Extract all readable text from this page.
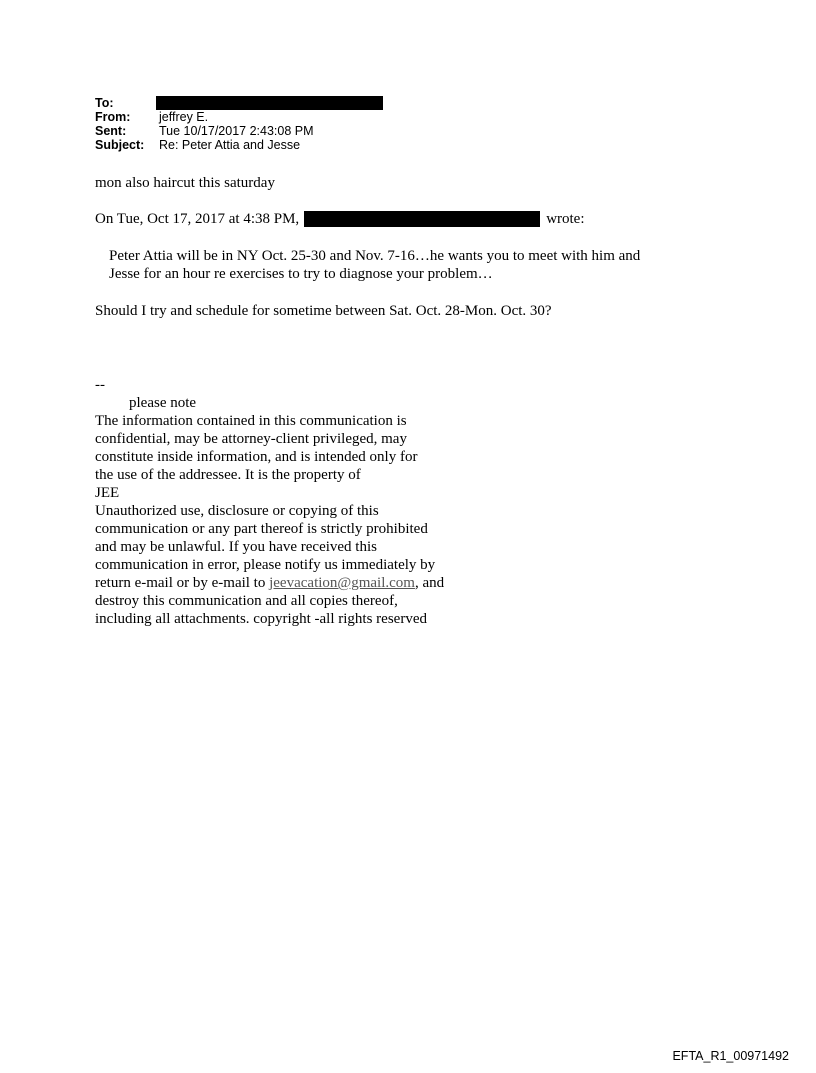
To:
From:	jeffrey E.
Sent:	Tue 10/17/2017 2:43:08 PM
Subject:	Re: Peter Attia and Jesse
mon also haircut this saturday
On Tue, Oct 17, 2017 at 4:38 PM,	wrote:
Peter Attia will be in NY Oct. 25-30 and Nov. 7-16…he wants you to meet with him and
Jesse for an hour re exercises to try to diagnose your problem…
Should I try and schedule for sometime between Sat. Oct. 28-Mon. Oct. 30?
--
please note
The information contained in this communication is
confidential, may be attorney-client privileged, may
constitute inside information, and is intended only for
the use of the addressee. It is the property of
JEE
Unauthorized use, disclosure or copying of this
communication or any part thereof is strictly prohibited
and may be unlawful. If you have received this
communication in error, please notify us immediately by
return e-mail or by e-mail to jeevacation@gmail.com, and
destroy this communication and all copies thereof,
including all attachments. copyright -all rights reserved
EFTA_R1_00971492
